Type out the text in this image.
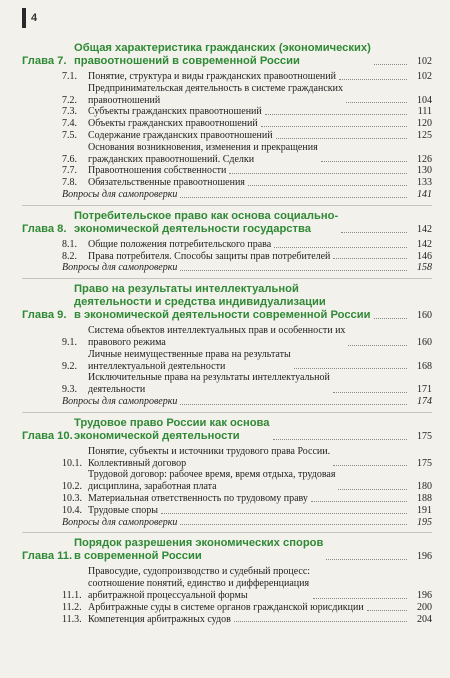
4
Глава 7.
Общая характеристика гражданских (экономических)
правоотношений в современной России	102
7.1.	Понятие, структура и виды гражданских правоотношений	102
7.2.
Предпринимательская деятельность в системе гражданских
правоотношений	104
7.3.	Субъекты гражданских правоотношений	111
7.4.	Объекты гражданских правоотношений	120
7.5.	Содержание гражданских правоотношений	125
7.6.
Основания возникновения, изменения и прекращения
гражданских правоотношений. Сделки	126
7.7.	Правоотношения собственности	130
7.8.	Обязательственные правоотношения	133
Вопросы для самопроверки	141
Глава 8.
Потребительское право как основа социально-
экономической деятельности государства	142
8.1.	Общие положения потребительского права	142
8.2.	Права потребителя. Способы защиты прав потребителей	146
Вопросы для самопроверки	158
Глава 9.
Право на результаты интеллектуальной
деятельности и средства индивидуализации
в экономической деятельности современной России	160
9.1.
Система объектов интеллектуальных прав и особенности их
правового режима	160
9.2.
Личные неимущественные права на результаты
интеллектуальной деятельности	168
9.3.
Исключительные права на результаты интеллектуальной
деятельности	171
Вопросы для самопроверки	174
Глава 10.
Трудовое право России как основа
экономической деятельности	175
10.1.
Понятие, субъекты и источники трудового права России.
Коллективный договор	175
10.2.
Трудовой договор: рабочее время, время отдыха, трудовая
дисциплина, заработная плата	180
10.3. Материальная ответственность по трудовому праву	188
10.4. Трудовые споры	191
Вопросы для самопроверки	195
Глава 11.
Порядок разрешения экономических споров
в современной России	196
11.1.
Правосудие, судопроизводство и судебный процесс:
соотношение понятий, единство и дифференциация
арбитражной процессуальной формы	196
11.2. Арбитражные суды в системе органов гражданской юрисдикции	200
11.3. Компетенция арбитражных судов	204
